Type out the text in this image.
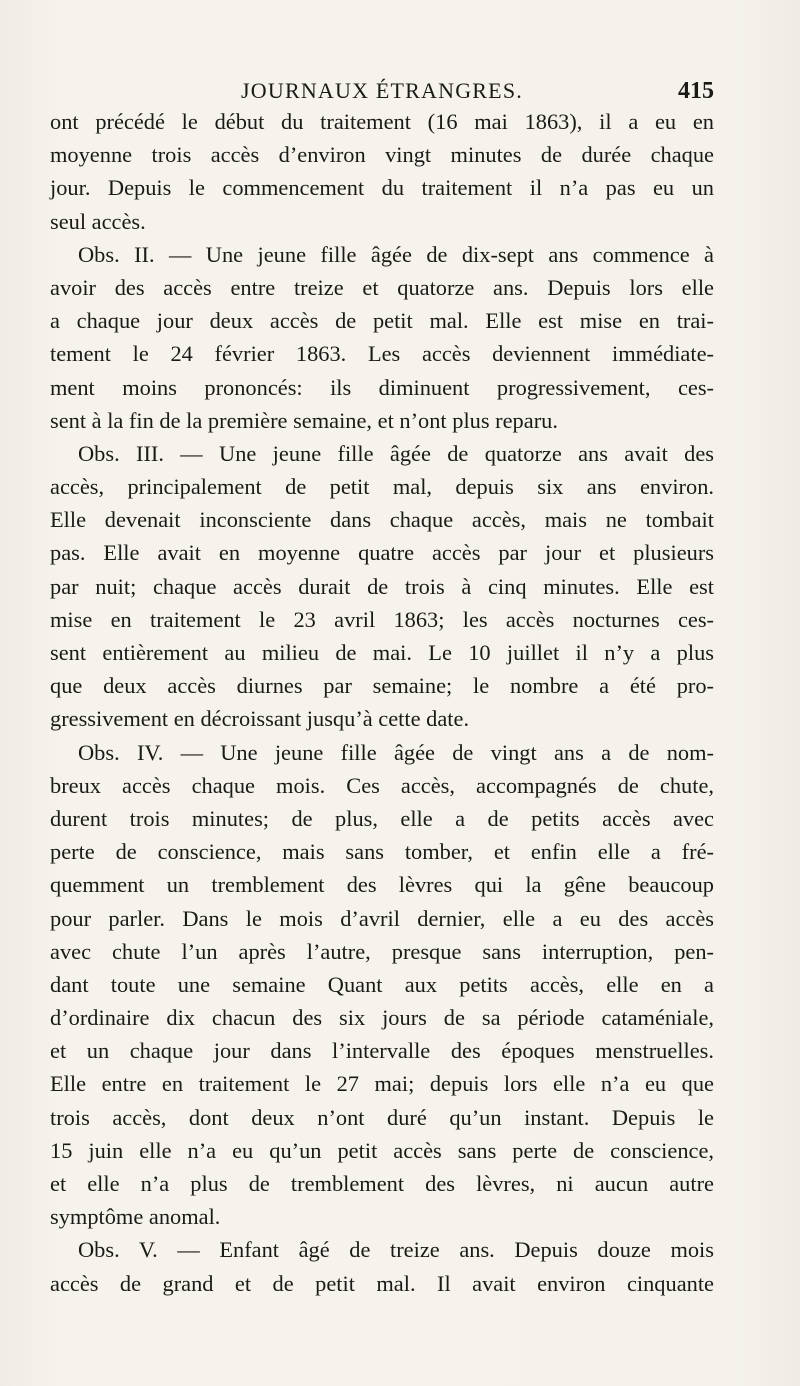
JOURNAUX ÉTRANGRES.	415
ont précédé le début du traitement (16 mai 1863), il a eu en
moyenne trois accès d’environ vingt minutes de durée chaque
jour. Depuis le commencement du traitement il n’a pas eu un
seul accès.
Obs. II. — Une jeune fille âgée de dix-sept ans commence à
avoir des accès entre treize et quatorze ans. Depuis lors elle
a chaque jour deux accès de petit mal. Elle est mise en trai-
tement le 24 février 1863. Les accès deviennent immédiate-
ment moins prononcés: ils diminuent progressivement, ces-
sent à la fin de la première semaine, et n’ont plus reparu.
Obs. III. — Une jeune fille âgée de quatorze ans avait des
accès, principalement de petit mal, depuis six ans environ.
Elle devenait inconsciente dans chaque accès, mais ne tombait
pas. Elle avait en moyenne quatre accès par jour et plusieurs
par nuit; chaque accès durait de trois à cinq minutes. Elle est
mise en traitement le 23 avril 1863; les accès nocturnes ces-
sent entièrement au milieu de mai. Le 10 juillet il n’y a plus
que deux accès diurnes par semaine; le nombre a été pro-
gressivement en décroissant jusqu’à cette date.
Obs. IV. — Une jeune fille âgée de vingt ans a de nom-
breux accès chaque mois. Ces accès, accompagnés de chute,
durent trois minutes; de plus, elle a de petits accès avec
perte de conscience, mais sans tomber, et enfin elle a fré-
quemment un tremblement des lèvres qui la gêne beaucoup
pour parler. Dans le mois d’avril dernier, elle a eu des accès
avec chute l’un après l’autre, presque sans interruption, pen-
dant toute une semaine Quant aux petits accès, elle en a
d’ordinaire dix chacun des six jours de sa période cataméniale,
et un chaque jour dans l’intervalle des époques menstruelles.
Elle entre en traitement le 27 mai; depuis lors elle n’a eu que
trois accès, dont deux n’ont duré qu’un instant. Depuis le
15 juin elle n’a eu qu’un petit accès sans perte de conscience,
et elle n’a plus de tremblement des lèvres, ni aucun autre
symptôme anomal.
Obs. V. — Enfant âgé de treize ans. Depuis douze mois
accès de grand et de petit mal. Il avait environ cinquante
